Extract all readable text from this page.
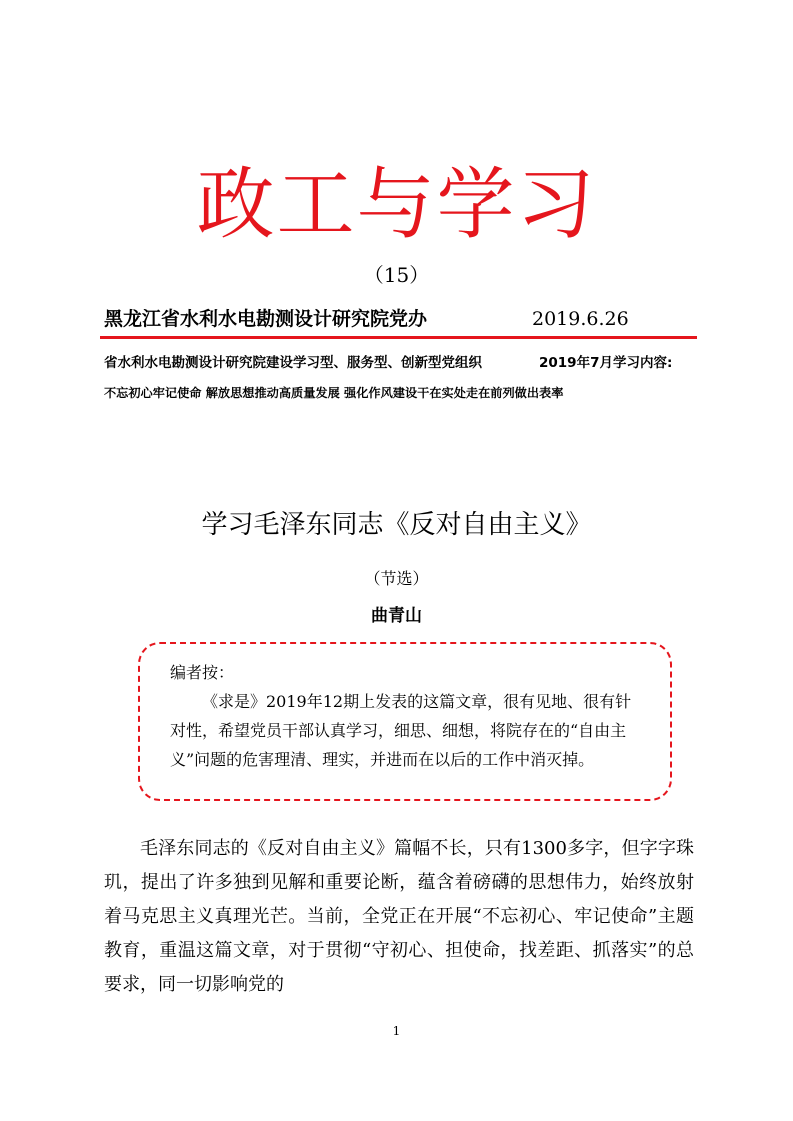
政工与学习
（15）
黑龙江省水利水电勘测设计研究院党办	2019.6.26
省水利水电勘测设计研究院建设学习型、服务型、创新型党组织	2019年7月学习内容:
不忘初心牢记使命 解放思想推动高质量发展 强化作风建设干在实处走在前列做出表率
学习毛泽东同志《反对自由主义》
（节选）
曲青山
编者按：
《求是》2019年12期上发表的这篇文章，很有见地、很有针对性，希望党员干部认真学习，细思、细想，将院存在的“自由主义”问题的危害理清、理实，并进而在以后的工作中消灭掉。
毛泽东同志的《反对自由主义》篇幅不长，只有1300多字，但字字珠玑，提出了许多独到见解和重要论断，蕴含着磅礴的思想伟力，始终放射着马克思主义真理光芒。当前，全党正在开展“不忘初心、牢记使命”主题教育，重温这篇文章，对于贯彻“守初心、担使命，找差距、抓落实”的总要求，同一切影响党的
1
